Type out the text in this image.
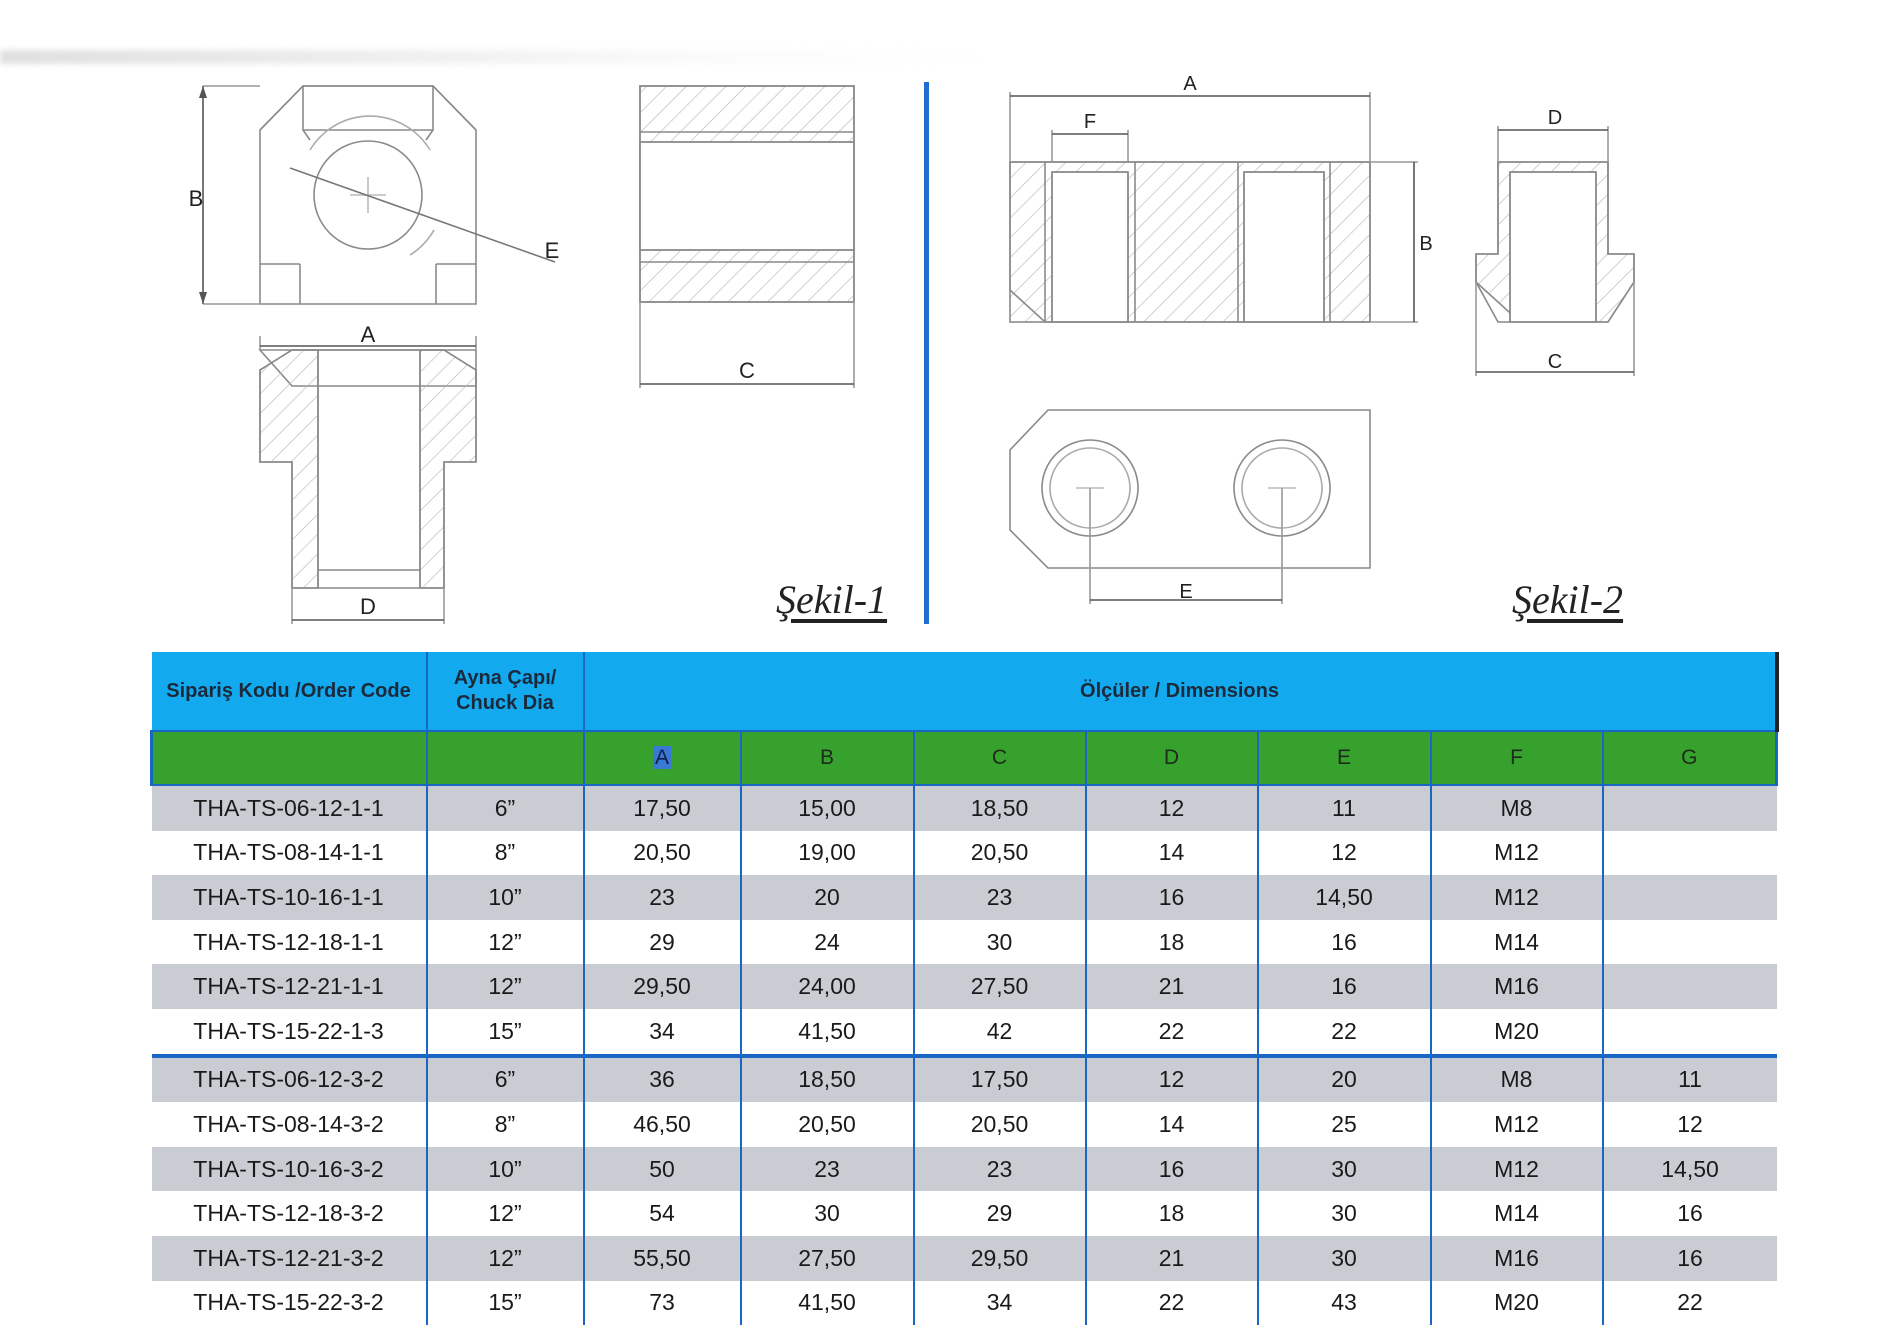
B
E
A
D
C
A
F
B
D
C
E
Şekil-1	Şekil-2
Sipariş Kodu /Order Code	Ayna Çapı/ Chuck Dia	Ölçüler / Dimensions						
		A	B	C	D	E	F	G
THA-TS-06-12-1-1	6”	17,50	15,00	18,50	12	11	M8	
THA-TS-08-14-1-1	8”	20,50	19,00	20,50	14	12	M12	
THA-TS-10-16-1-1	10”	23	20	23	16	14,50	M12	
THA-TS-12-18-1-1	12”	29	24	30	18	16	M14	
THA-TS-12-21-1-1	12”	29,50	24,00	27,50	21	16	M16	
THA-TS-15-22-1-3	15”	34	41,50	42	22	22	M20	
THA-TS-06-12-3-2	6”	36	18,50	17,50	12	20	M8	11
THA-TS-08-14-3-2	8”	46,50	20,50	20,50	14	25	M12	12
THA-TS-10-16-3-2	10”	50	23	23	16	30	M12	14,50
THA-TS-12-18-3-2	12”	54	30	29	18	30	M14	16
THA-TS-12-21-3-2	12”	55,50	27,50	29,50	21	30	M16	16
THA-TS-15-22-3-2	15”	73	41,50	34	22	43	M20	22
